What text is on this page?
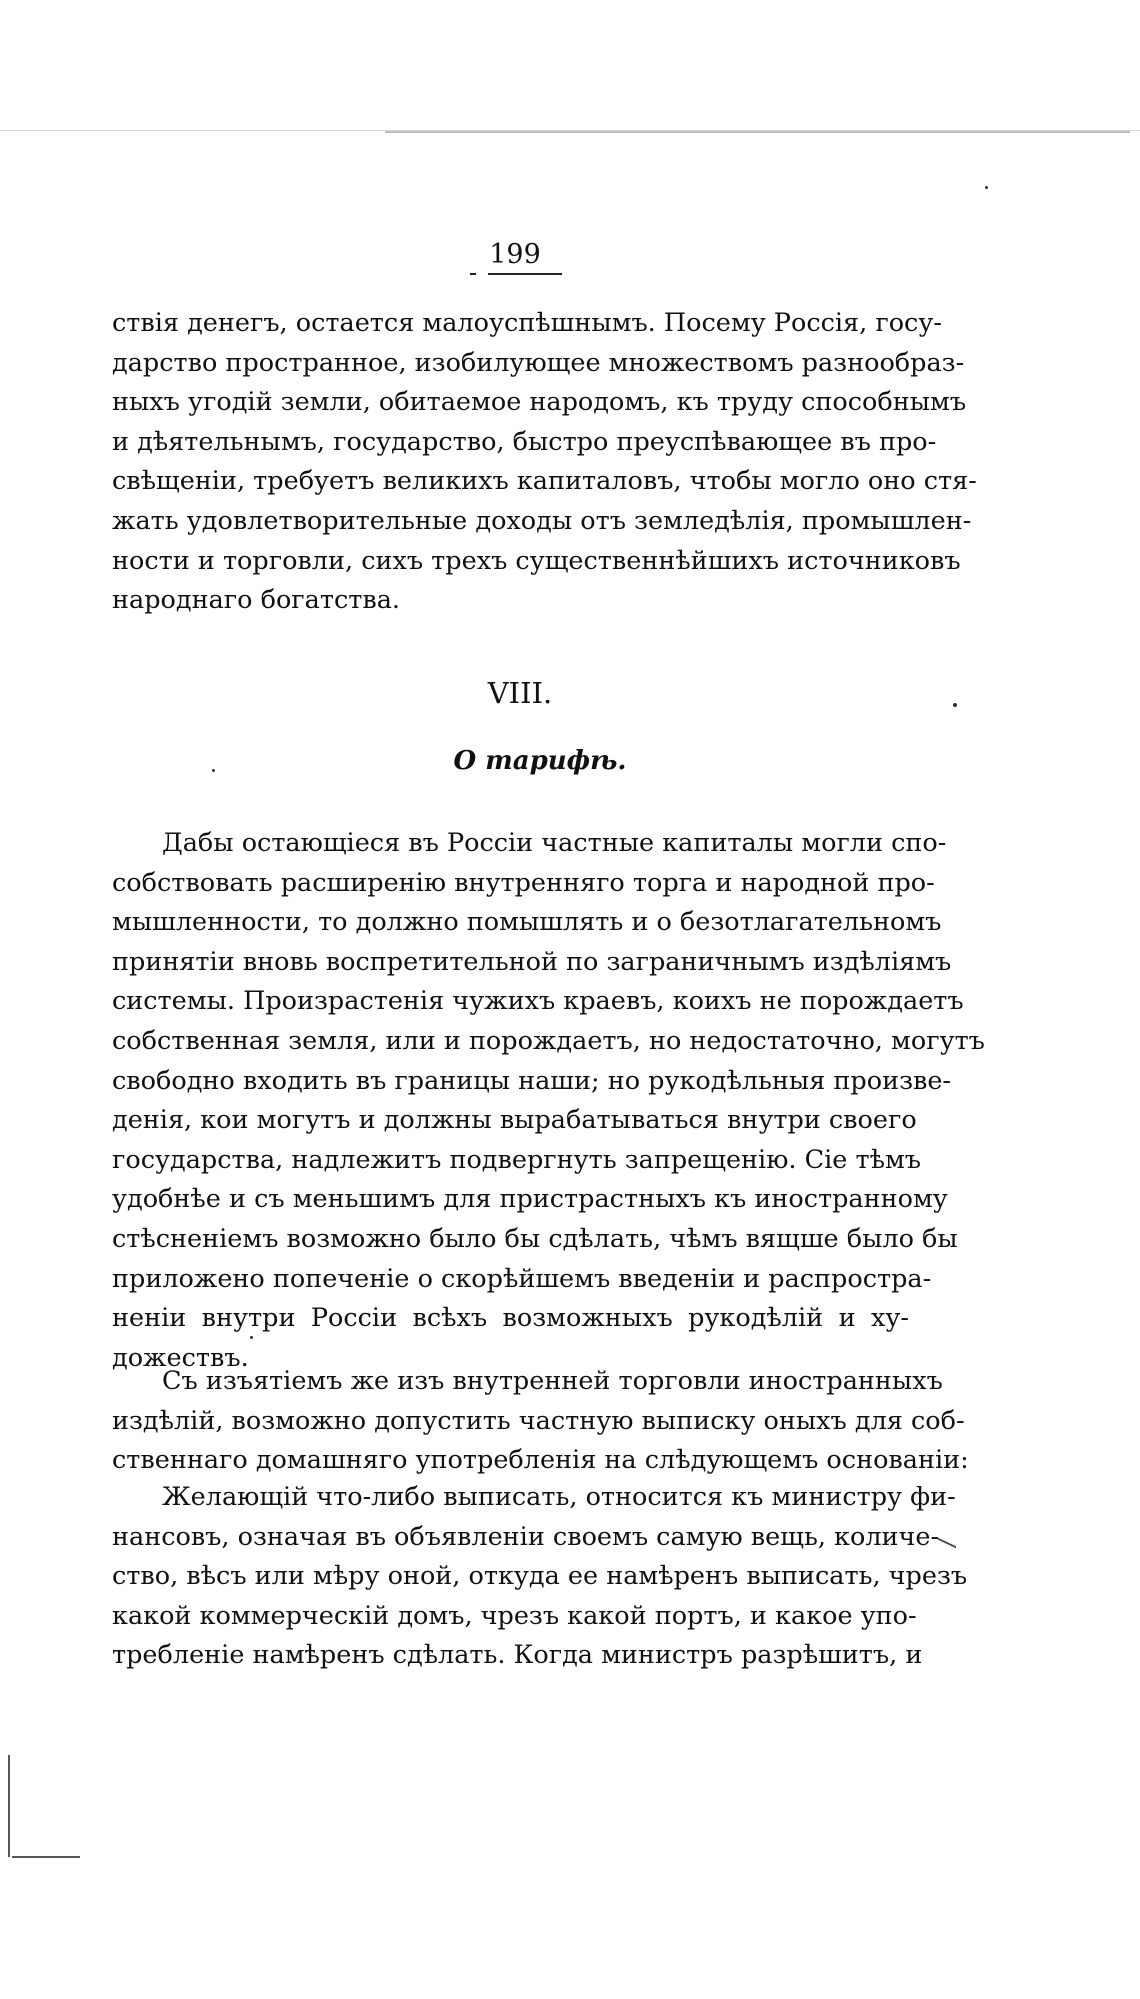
199
ствія денегъ, остается малоуспѣшнымъ. Посему Россія, госу-
дарство пространное, изобилующее множествомъ разнообраз-
ныхъ угодій земли, обитаемое народомъ, къ труду способнымъ
и дѣятельнымъ, государство, быстро преуспѣвающее въ про-
свѣщеніи, требуетъ великихъ капиталовъ, чтобы могло оно стя-
жать удовлетворительные доходы отъ земледѣлія, промышлен-
ности и торговли, сихъ трехъ существеннѣйшихъ источниковъ
народнаго богатства.
VIII.
О тарифѣ.
Дабы остающіеся въ Россіи частные капиталы могли спо-
собствовать расширенію внутренняго торга и народной про-
мышленности, то должно помышлять и о безотлагательномъ
принятіи вновь воспретительной по заграничнымъ издѣліямъ
системы. Произрастенія чужихъ краевъ, коихъ не порождаетъ
собственная земля, или и порождаетъ, но недостаточно, могутъ
свободно входить въ границы наши; но рукодѣльныя произве-
денія, кои могутъ и должны вырабатываться внутри своего
государства, надлежитъ подвергнуть запрещенію. Сіе тѣмъ
удобнѣе и съ меньшимъ для пристрастныхъ къ иностранному
стѣсненіемъ возможно было бы сдѣлать, чѣмъ вящше было бы
приложено попеченіе о скорѣйшемъ введеніи и распростра-
неніи внутри Россіи всѣхъ возможныхъ рукодѣлій и ху-
дожествъ.
Съ изъятіемъ же изъ внутренней торговли иностранныхъ
издѣлій, возможно допустить частную выписку оныхъ для соб-
ственнаго домашняго употребленія на слѣдующемъ основаніи:
Желающій что-либо выписать, относится къ министру фи-
нансовъ, означая въ объявленіи своемъ самую вещь, количе-
ство, вѣсъ или мѣру оной, откуда ее намѣренъ выписать, чрезъ
какой коммерческій домъ, чрезъ какой портъ, и какое упо-
требленіе намѣренъ сдѣлать. Когда министръ разрѣшитъ, и
